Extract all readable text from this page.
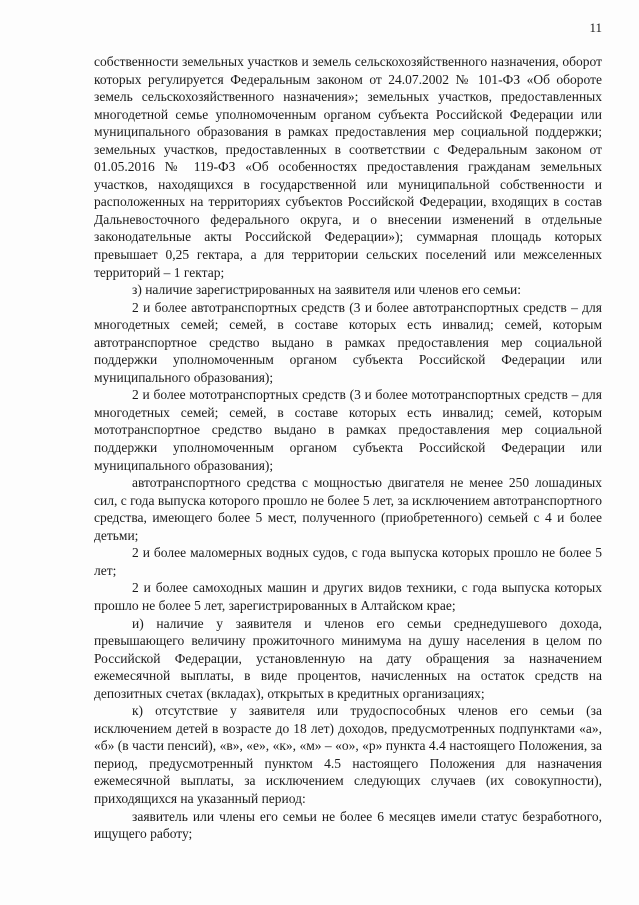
11

собственности земельных участков и земель сельскохозяйственного назначения, оборот которых регулируется Федеральным законом от 24.07.2002 № 101-ФЗ «Об обороте земель сельскохозяйственного назначения»; земельных участков, предоставленных многодетной семье уполномоченным органом субъекта Российской Федерации или муниципального образования в рамках предоставления мер социальной поддержки; земельных участков, предоставленных в соответствии с Федеральным законом от 01.05.2016 № 119-ФЗ «Об особенностях предоставления гражданам земельных участков, находящихся в государственной или муниципальной собственности и расположенных на территориях субъектов Российской Федерации, входящих в состав Дальневосточного федерального округа, и о внесении изменений в отдельные законодательные акты Российской Федерации»); суммарная площадь которых превышает 0,25 гектара, а для территории сельских поселений или межселенных территорий – 1 гектар;

з) наличие зарегистрированных на заявителя или членов его семьи:

2 и более автотранспортных средств (3 и более автотранспортных средств – для многодетных семей; семей, в составе которых есть инвалид; семей, которым автотранспортное средство выдано в рамках предоставления мер социальной поддержки уполномоченным органом субъекта Российской Федерации или муниципального образования);

2 и более мототранспортных средств (3 и более мототранспортных средств – для многодетных семей; семей, в составе которых есть инвалид; семей, которым мототранспортное средство выдано в рамках предоставления мер социальной поддержки уполномоченным органом субъекта Российской Федерации или муниципального образования);

автотранспортного средства с мощностью двигателя не менее 250 лошадиных сил, с года выпуска которого прошло не более 5 лет, за исключением автотранспортного средства, имеющего более 5 мест, полученного (приобретенного) семьей с 4 и более детьми;

2 и более маломерных водных судов, с года выпуска которых прошло не более 5 лет;

2 и более самоходных машин и других видов техники, с года выпуска которых прошло не более 5 лет, зарегистрированных в Алтайском крае;

и) наличие у заявителя и членов его семьи среднедушевого дохода, превышающего величину прожиточного минимума на душу населения в целом по Российской Федерации, установленную на дату обращения за назначением ежемесячной выплаты, в виде процентов, начисленных на остаток средств на депозитных счетах (вкладах), открытых в кредитных организациях;

к) отсутствие у заявителя или трудоспособных членов его семьи (за исключением детей в возрасте до 18 лет) доходов, предусмотренных подпунктами «а», «б» (в части пенсий), «в», «е», «к», «м» – «о», «р» пункта 4.4 настоящего Положения, за период, предусмотренный пунктом 4.5 настоящего Положения для назначения ежемесячной выплаты, за исключением следующих случаев (их совокупности), приходящихся на указанный период:

заявитель или члены его семьи не более 6 месяцев имели статус безработного, ищущего работу;
